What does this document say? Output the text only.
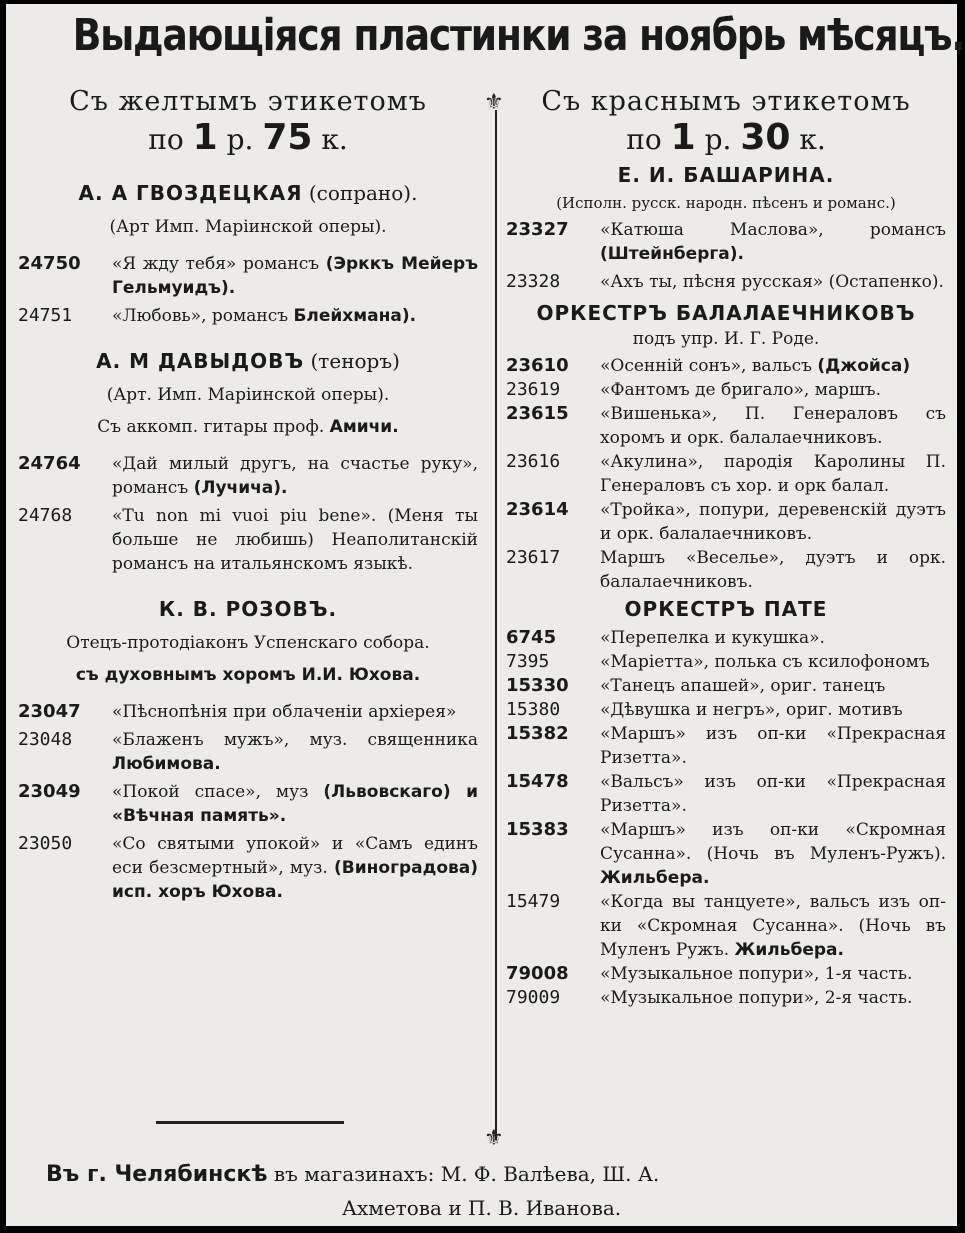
Выдающіяся пластинки за ноябрь мѣсяцъ.
⚜
⚜
Съ желтымъ этикетомъ
по 1 р. 75 к.
А. А ГВОЗДЕЦКАЯ (сопрано).
(Арт Имп. Маріинской оперы).
24750	«Я жду тебя» романсъ (Эрккъ Мейеръ Гельмуидъ).
24751	«Любовь», романсъ Блейхмана).
А. М ДАВЫДОВЪ (теноръ)
(Арт. Имп. Маріинской оперы).
Съ аккомп. гитары проф. Амичи.
24764	«Дай милый другъ, на счастье руку», романсъ (Лучича).
24768	«Tu non mi vuoi piu bene». (Меня ты больше не любишь) Неаполитанскій романсъ на итальянскомъ языкѣ.
К. В. РОЗОВЪ.
Отецъ-протодіаконъ Успенскаго собора.
съ духовнымъ хоромъ И.И. Юхова.
23047	«Пѣснопѣнія при облаченіи архіерея»
23048	«Блаженъ мужъ», муз. священника Любимова.
23049	«Покой спасе», муз (Львовскаго) и «Вѣчная память».
23050	«Со святыми упокой» и «Самъ единъ еси безсмертный», муз. (Виноградова) исп. хоръ Юхова.
Съ краснымъ этикетомъ
по 1 р. 30 к.
Е. И. БАШАРИНА.
(Исполн. русск. народн. пѣсенъ и романс.)
23327	«Катюша Маслова», романсъ (Штейнберга).
23328	«Ахъ ты, пѣсня русская» (Остапенко).
ОРКЕСТРЪ БАЛАЛАЕЧНИКОВЪ
подъ упр. И. Г. Роде.
23610	«Осенній сонъ», вальсъ (Джойса)
23619	«Фантомъ де бригало», маршъ.
23615	«Вишенька», П. Генераловъ съ хоромъ и орк. балалаечниковъ.
23616	«Акулина», пародія Каролины П. Генераловъ съ хор. и орк балал.
23614	«Тройка», попури, деревенскій дуэтъ и орк. балалаечниковъ.
23617	Маршъ «Веселье», дуэтъ и орк. балалаечниковъ.
ОРКЕСТРЪ ПАТЕ
6745	«Перепелка и кукушка».
7395	«Маріетта», полька съ ксилофономъ
15330	«Танецъ апашей», ориг. танецъ
15380	«Дѣвушка и негръ», ориг. мотивъ
15382	«Маршъ» изъ оп-ки «Прекрасная Ризетта».
15478	«Вальсъ» изъ оп-ки «Прекрасная Ризетта».
15383	«Маршъ» изъ оп-ки «Скромная Сусанна». (Ночь въ Муленъ-Ружъ). Жильбера.
15479	«Когда вы танцуете», вальсъ изъ оп-ки «Скромная Сусанна». (Ночь въ Муленъ Ружъ. Жильбера.
79008	«Музыкальное попури», 1-я часть.
79009	«Музыкальное попури», 2-я часть.
Въ г. Челябинскѣ въ магазинахъ: М. Ф. Валѣева, Ш. А.
Ахметова и П. В. Иванова.
